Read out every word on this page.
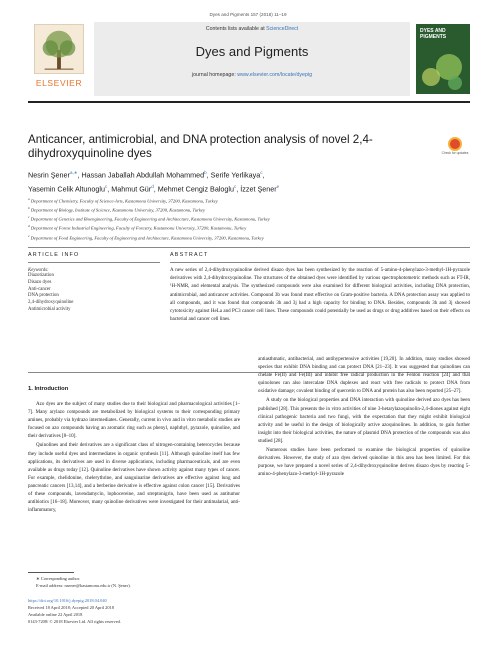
Dyes and Pigments 157 (2018) 11–19
ELSEVIER
Contents lists available at ScienceDirect
Dyes and Pigments
journal homepage: www.elsevier.com/locate/dyepig
DYES AND PIGMENTS
Anticancer, antimicrobial, and DNA protection analysis of novel 2,4-dihydroxyquinoline dyes	Check for updates
Nesrin Şener$^{a,∗}$, Hassan Jaballah Abdullah Mohammed$^b$, Serife Yerlikaya$^c$,
Yasemin Celik Altunoglu$^c$, Mahmut Gür$^d$, Mehmet Cengiz Baloglu$^c$, İzzet Şener$^e$
$^a$ Department of Chemistry, Faculty of Science-Arts, Kastamonu University, 37200, Kastamonu, Turkey
$^b$ Department of Biology, Institute of Science, Kastamonu University, 37200, Kastamonu, Turkey
$^c$ Department of Genetics and Bioengineering, Faculty of Engineering and Architecture, Kastamonu University, Kastamonu, Turkey
$^d$ Department of Forest Industrial Engineering, Faculty of Forestry, Kastamonu University, 37200, Kastamonu, Turkey
$^e$ Department of Food Engineering, Faculty of Engineering and Architecture, Kastamonu University, 37200, Kastamonu, Turkey
ARTICLE INFO
Keywords:
Diazotization
Disazo dyes
Anti-cancer
DNA protection
2,4-dihydroxyquinoline
Antimicrobial activity
ABSTRACT
A new series of 2,4-dihydroxyquinoline derived disazo dyes has been synthesized by the reaction of 5-amino-4-phenylazo-3-methyl-1H-pyrazole derivatives with 2,4-dihydroxyquinoline. The structures of the obtained dyes were identified by various spectrophotometric methods such as FT-IR, ¹H-NMR, and elemental analysis. The synthesized compounds were also examined for different biological activities, including DNA protection, antimicrobial, and anticancer activities. Compound 3b was found most effective on Gram-positive bacteria. A DNA protection assay was applied to all compounds, and it was found that compounds 3h and 3j had a high capacity for binding to DNA. Besides, compounds 3h and 3j showed cytotoxicity against HeLa and PC3 cancer cell lines. These compounds could potentially be used as drugs or drug additives based on their effects on bacterial and cancer cell lines.
1. Introduction

Azo dyes are the subject of many studies due to their biological and pharmacological activities [1–7]. Many arylazo compounds are metabolized by biological systems to their corresponding primary amines, probably via hydrazo intermediates. Generally, current in vivo and in vitro metabolic studies are focused on azo compounds having an aromatic ring such as phenyl, naphthyl, pyrazole, quinoline, and their derivatives [8–10].

Quinolines and their derivatives are a significant class of nitrogen-containing heterocycles because they include useful dyes and intermediates in organic synthesis [11]. Although quinoline itself has few applications, its derivatives are used in diverse applications, including pharmaceuticals, and are even available as drugs today [12]. Quinoline derivatives have shown activity against many types of cancer. For example, chelidonine, chelerythrine, and sanguinarine derivatives are effective against lung and pancreatic cancers [13,14], and a berberine derivative is effective against colon cancer [15]. Derivatives of these compounds, lavendamycin, lophocereine, and streptonigrin, have been used as antitumor antibiotics [16–18]. Moreover, many quinoline derivatives were investigated for their antimalarial, anti-inflammatory,

antiasthmatic, antibacterial, and antihypertensive activities [19,20]. In addition, many studies showed species that exhibit DNA binding and can protect DNA [21–23]. It was suggested that quinolines can chelate Fe(II) and Fe(III) and inhibit free radical production in the Fenton reaction [24] and that quinolones can also intercalate DNA duplexes and react with free radicals to protect DNA from oxidative damage; covalent binding of quercetin to DNA and protein has also been reported [25–27].

A study on the biological properties and DNA interaction with quinoline derived azo dyes has been published [28]. This presents the in vitro activities of nine 3-hetarylazoquinolin-2,4-diones against eight clinical pathogenic bacteria and two fungi, with the expectation that they might exhibit biological activity and be useful in the design of biologically active azoquinolines. In addition, to gain further insight into their biological activities, the nature of plasmid DNA protection of the compounds was also studied [28].

Numerous studies have been performed to examine the biological properties of quinoline derivatives. However, the study of azo dyes derived quinoline in this area has been limited. For this purpose, we have prepared a novel series of 2,4-dihydroxyquinoline derives disazo dyes by reacting 5-amino-4-phenylazo-3-methyl-1H-pyrazole

∗ Corresponding author.
E-mail address: nsener@kastamonu.edu.tr (N. Şener).
https://doi.org/10.1016/j.dyepig.2018.04.040
Received 18 April 2018; Accepted 20 April 2018
Available online 22 April 2018
0143-7208/ © 2018 Elsevier Ltd. All rights reserved.
